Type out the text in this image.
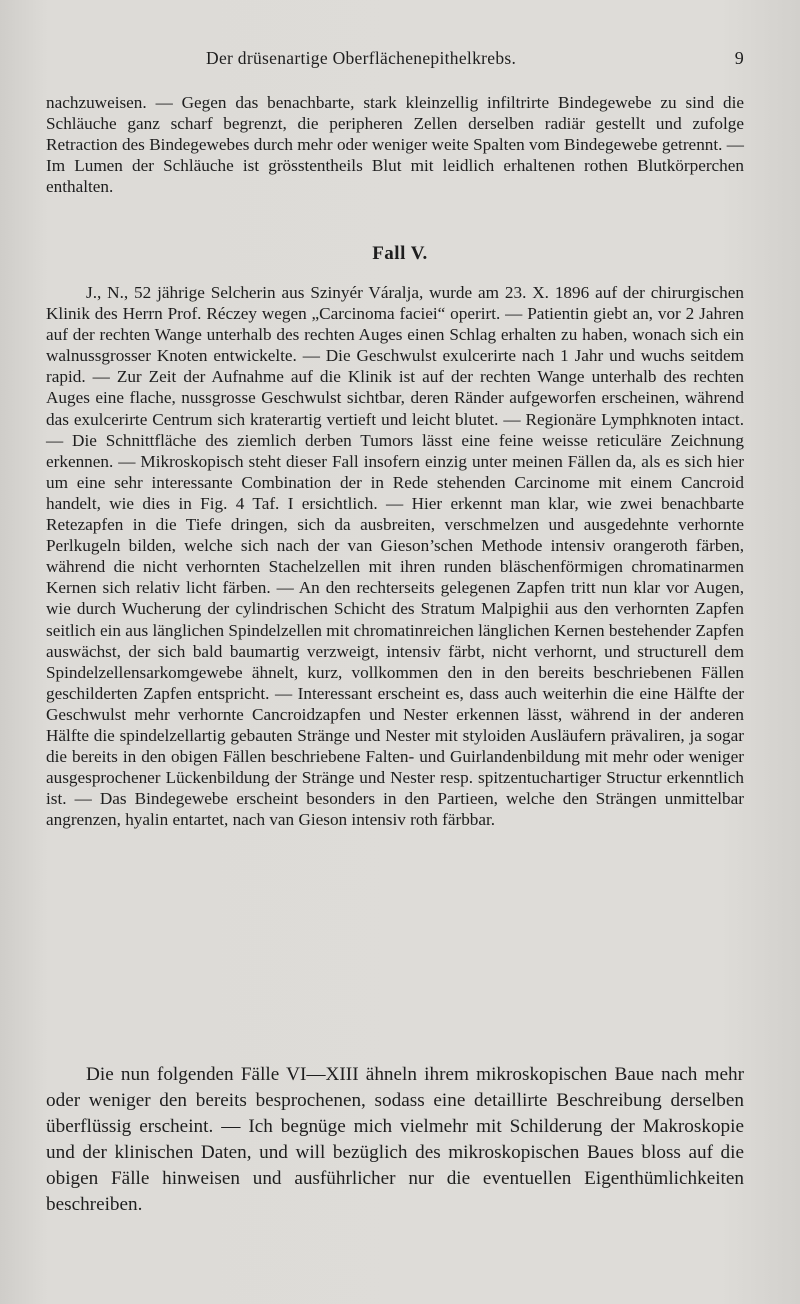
Der drüsenartige Oberflächenepithelkrebs.	9
nachzuweisen. — Gegen das benachbarte, stark kleinzellig infiltrirte Bindegewebe zu sind die Schläuche ganz scharf begrenzt, die peripheren Zellen derselben radiär gestellt und zufolge Retraction des Bindegewebes durch mehr oder weniger weite Spalten vom Bindegewebe getrennt. — Im Lumen der Schläuche ist grösstentheils Blut mit leidlich erhaltenen rothen Blutkörperchen enthalten.
Fall V.
J., N., 52 jährige Selcherin aus Szinyér Váralja, wurde am 23. X. 1896 auf der chirurgischen Klinik des Herrn Prof. Réczey wegen „Carcinoma faciei“ operirt. — Patientin giebt an, vor 2 Jahren auf der rechten Wange unterhalb des rechten Auges einen Schlag erhalten zu haben, wonach sich ein walnussgrosser Knoten entwickelte. — Die Geschwulst exulcerirte nach 1 Jahr und wuchs seitdem rapid. — Zur Zeit der Aufnahme auf die Klinik ist auf der rechten Wange unterhalb des rechten Auges eine flache, nussgrosse Geschwulst sichtbar, deren Ränder aufgeworfen erscheinen, während das exulcerirte Centrum sich kraterartig vertieft und leicht blutet. — Regionäre Lymphknoten intact. — Die Schnittfläche des ziemlich derben Tumors lässt eine feine weisse reticuläre Zeichnung erkennen. — Mikroskopisch steht dieser Fall insofern einzig unter meinen Fällen da, als es sich hier um eine sehr interessante Combination der in Rede stehenden Carcinome mit einem Cancroid handelt, wie dies in Fig. 4 Taf. I ersichtlich. — Hier erkennt man klar, wie zwei benachbarte Retezapfen in die Tiefe dringen, sich da ausbreiten, verschmelzen und ausgedehnte verhornte Perlkugeln bilden, welche sich nach der van Gieson’schen Methode intensiv orangeroth färben, während die nicht verhornten Stachelzellen mit ihren runden bläschenförmigen chromatinarmen Kernen sich relativ licht färben. — An den rechterseits gelegenen Zapfen tritt nun klar vor Augen, wie durch Wucherung der cylindrischen Schicht des Stratum Malpighii aus den verhornten Zapfen seitlich ein aus länglichen Spindelzellen mit chromatinreichen länglichen Kernen bestehender Zapfen auswächst, der sich bald baumartig verzweigt, intensiv färbt, nicht verhornt, und structurell dem Spindelzellensarkomgewebe ähnelt, kurz, vollkommen den in den bereits beschriebenen Fällen geschilderten Zapfen entspricht. — Interessant erscheint es, dass auch weiterhin die eine Hälfte der Geschwulst mehr verhornte Cancroidzapfen und Nester erkennen lässt, während in der anderen Hälfte die spindelzellartig gebauten Stränge und Nester mit styloiden Ausläufern prävaliren, ja sogar die bereits in den obigen Fällen beschriebene Falten- und Guirlandenbildung mit mehr oder weniger ausgesprochener Lückenbildung der Stränge und Nester resp. spitzentuchartiger Structur erkenntlich ist. — Das Bindegewebe erscheint besonders in den Partieen, welche den Strängen unmittelbar angrenzen, hyalin entartet, nach van Gieson intensiv roth färbbar.
Die nun folgenden Fälle VI—XIII ähneln ihrem mikroskopischen Baue nach mehr oder weniger den bereits besprochenen, sodass eine detaillirte Beschreibung derselben überflüssig erscheint. — Ich begnüge mich vielmehr mit Schilderung der Makroskopie und der klinischen Daten, und will bezüglich des mikroskopischen Baues bloss auf die obigen Fälle hinweisen und ausführlicher nur die eventuellen Eigenthümlichkeiten beschreiben.
